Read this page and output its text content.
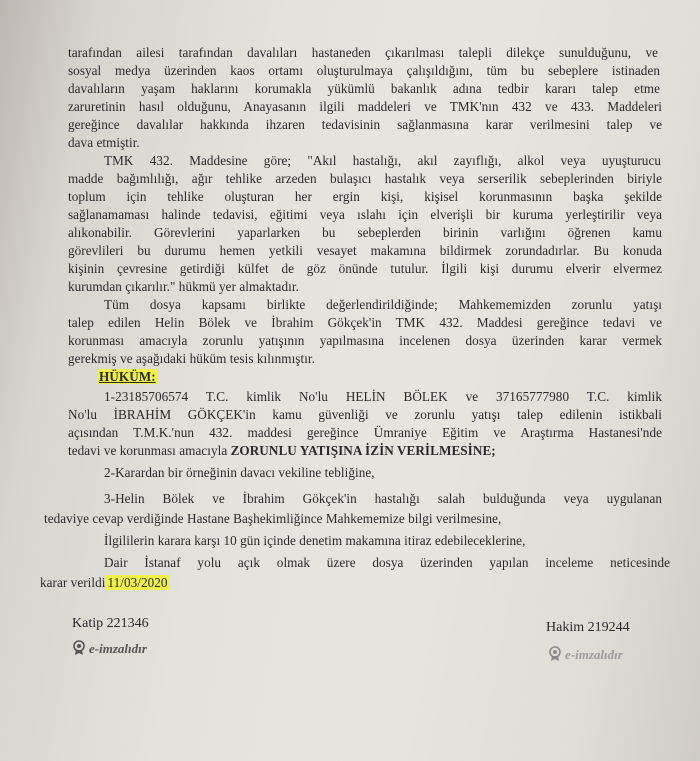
tarafından ailesi tarafından davalıları hastaneden çıkarılması talepli dilekçe sunulduğunu, ve
sosyal medya üzerinden kaos ortamı oluşturulmaya çalışıldığını, tüm bu sebeplere istinaden
davalıların yaşam haklarını korumakla yükümlü bakanlık adına tedbir kararı talep etme
zaruretinin hasıl olduğunu, Anayasanın ilgili maddeleri ve TMK'nın 432 ve 433. Maddeleri
gereğince davalılar hakkında ihzaren tedavisinin sağlanmasına karar verilmesini talep ve
dava etmiştir.
TMK 432. Maddesine göre; "Akıl hastalığı, akıl zayıflığı, alkol veya uyuşturucu
madde bağımlılığı, ağır tehlike arzeden bulaşıcı hastalık veya serserilik sebeplerinden biriyle
toplum için tehlike oluşturan her ergin kişi, kişisel korunmasının başka şekilde
sağlanamaması halinde tedavisi, eğitimi veya ıslahı için elverişli bir kuruma yerleştirilir veya
alıkonabilir. Görevlerini yaparlarken bu sebeplerden birinin varlığını öğrenen kamu
görevlileri bu durumu hemen yetkili vesayet makamına bildirmek zorundadırlar. Bu konuda
kişinin çevresine getirdiği külfet de göz önünde tutulur. İlgili kişi durumu elverir elvermez
kurumdan çıkarılır." hükmü yer almaktadır.
Tüm dosya kapsamı birlikte değerlendirildiğinde; Mahkememizden zorunlu yatışı
talep edilen Helin Bölek ve İbrahim Gökçek'in TMK 432. Maddesi gereğince tedavi ve
korunması amacıyla zorunlu yatışının yapılmasına incelenen dosya üzerinden karar vermek
gerekmiş ve aşağıdaki hüküm tesis kılınmıştır.
HÜKÜM:
1-23185706574 T.C. kimlik No'lu HELİN BÖLEK ve 37165777980 T.C. kimlik
No'lu İBRAHİM GÖKÇEK'in kamu güvenliği ve zorunlu yatışı talep edilenin istikbali
açısından T.M.K.'nun 432. maddesi gereğince Ümraniye Eğitim ve Araştırma Hastanesi'nde
tedavi ve korunması amacıyla ZORUNLU YATIŞINA İZİN VERİLMESİNE;
2-Karardan bir örneğinin davacı vekiline tebliğine,
3-Helin Bölek ve İbrahim Gökçek'in hastalığı salah bulduğunda veya uygulanan
tedaviye cevap verdiğinde Hastane Başhekimliğince Mahkememize bilgi verilmesine,
İlgililerin karara karşı 10 gün içinde denetim makamına itiraz edebileceklerine,
Dair İstanaf yolu açık olmak üzere dosya üzerinden yapılan inceleme neticesinde
karar verildi 11/03/2020
Katip 221346
e-imzalıdır
Hakim 219244
e-imzalıdır
